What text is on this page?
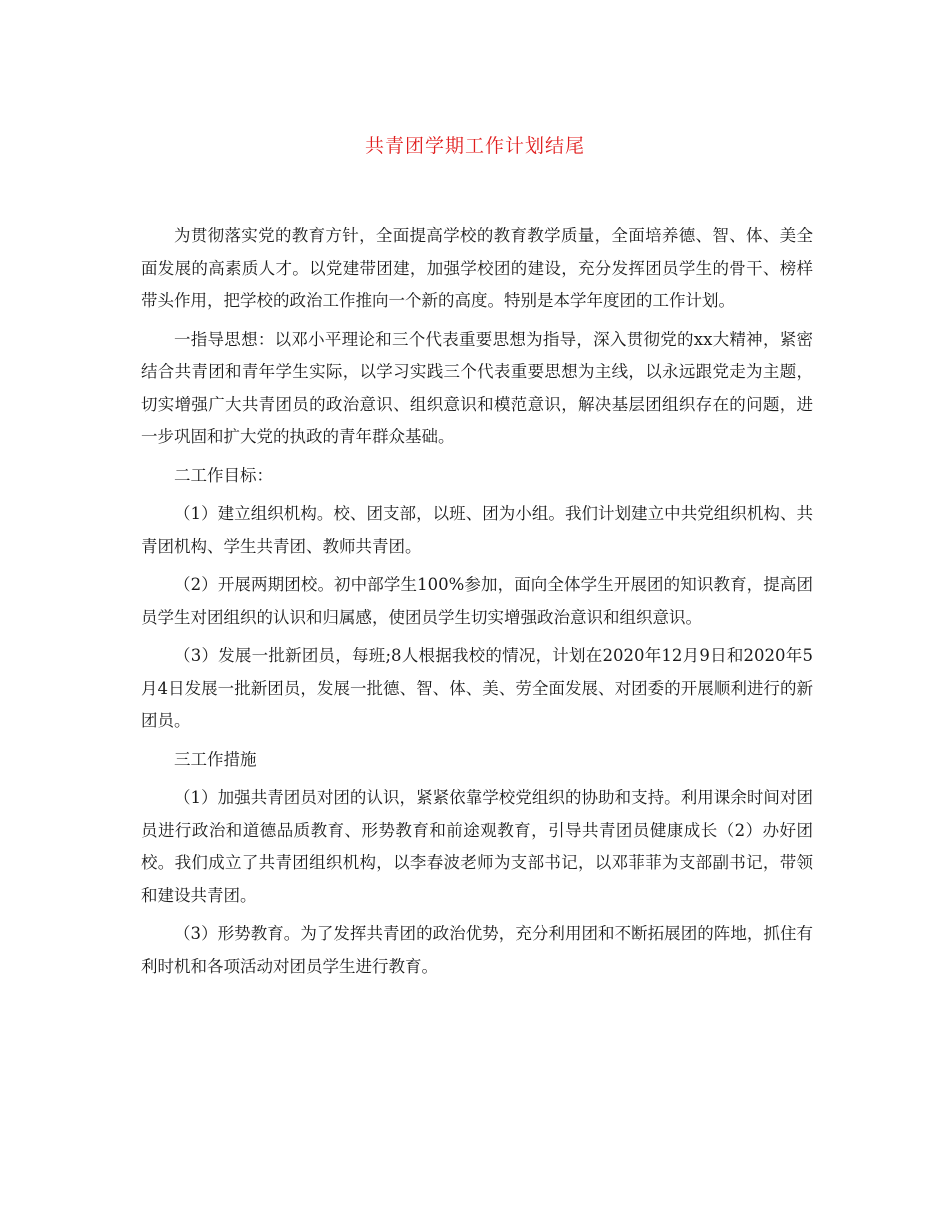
共青团学期工作计划结尾

为贯彻落实党的教育方针，全面提高学校的教育教学质量，全面培养德、智、体、美全面发展的高素质人才。以党建带团建，加强学校团的建设，充分发挥团员学生的骨干、榜样带头作用，把学校的政治工作推向一个新的高度。特别是本学年度团的工作计划。

一指导思想：以邓小平理论和三个代表重要思想为指导，深入贯彻党的xx大精神，紧密结合共青团和青年学生实际，以学习实践三个代表重要思想为主线，以永远跟党走为主题，切实增强广大共青团员的政治意识、组织意识和模范意识，解决基层团组织存在的问题，进一步巩固和扩大党的执政的青年群众基础。

二工作目标：

（1）建立组织机构。校、团支部，以班、团为小组。我们计划建立中共党组织机构、共青团机构、学生共青团、教师共青团。

（2）开展两期团校。初中部学生100%参加，面向全体学生开展团的知识教育，提高团员学生对团组织的认识和归属感，使团员学生切实增强政治意识和组织意识。

（3）发展一批新团员，每班;8人根据我校的情况，计划在2020年12月9日和2020年5月4日发展一批新团员，发展一批德、智、体、美、劳全面发展、对团委的开展顺利进行的新团员。

三工作措施

（1）加强共青团员对团的认识，紧紧依靠学校党组织的协助和支持。利用课余时间对团员进行政治和道德品质教育、形势教育和前途观教育，引导共青团员健康成长（2）办好团校。我们成立了共青团组织机构，以李春波老师为支部书记，以邓菲菲为支部副书记，带领和建设共青团。

（3）形势教育。为了发挥共青团的政治优势，充分利用团和不断拓展团的阵地，抓住有利时机和各项活动对团员学生进行教育。
